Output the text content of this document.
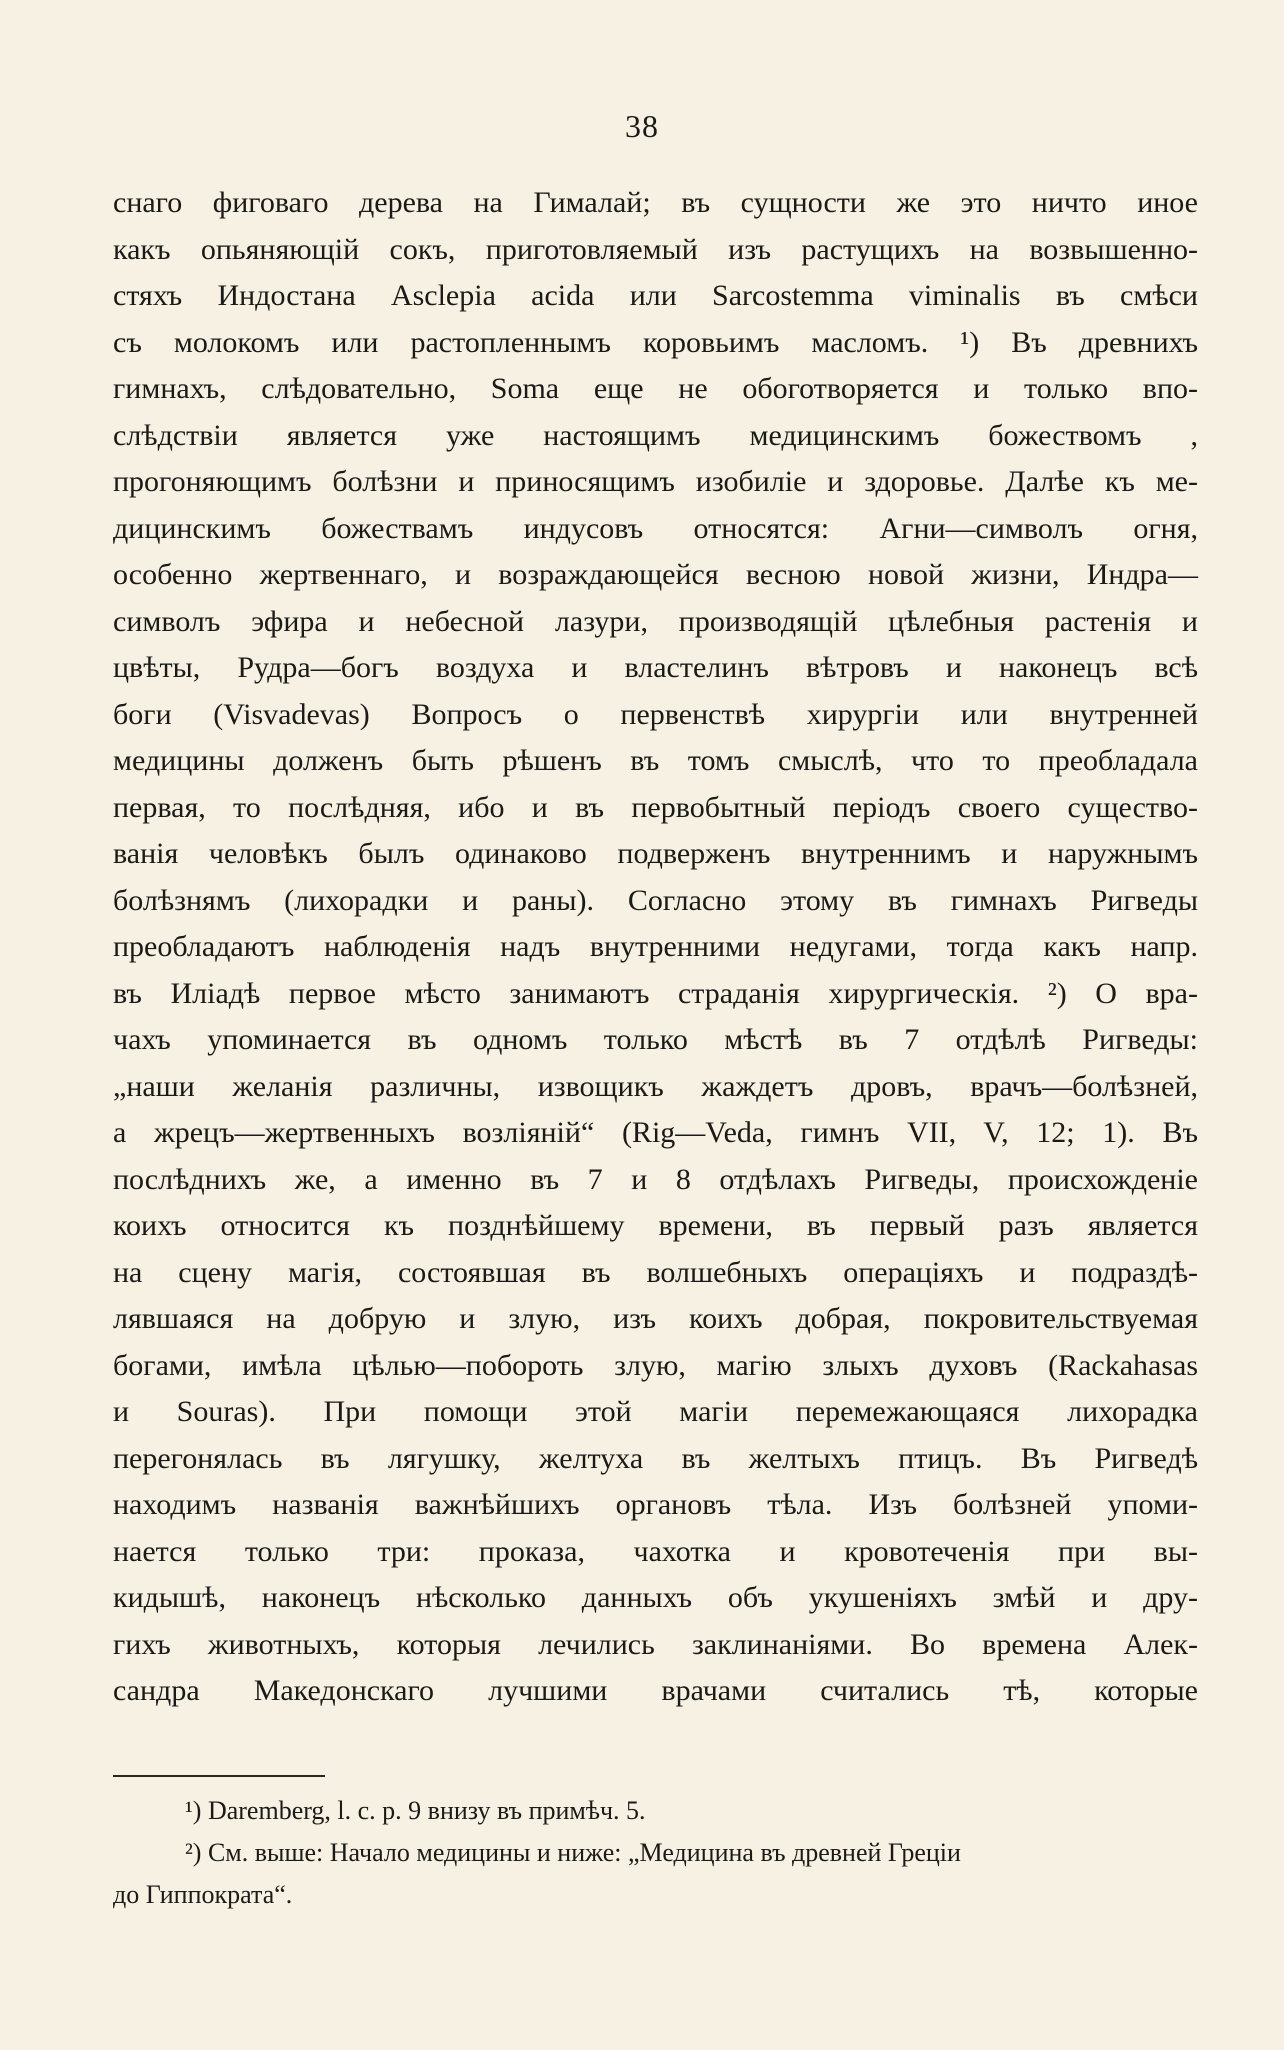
38
снаго фиговаго дерева на Гималай; въ сущности же это ничто иное
какъ опьяняющій сокъ, приготовляемый изъ растущихъ на возвышенно-
стяхъ Индостана Asclepia acida или Sarcostemma viminalis въ смѣси
съ молокомъ или растопленнымъ коровьимъ масломъ. ¹) Въ древнихъ
гимнахъ, слѣдовательно, Soma еще не обоготворяется и только впо-
слѣдствіи является уже настоящимъ медицинскимъ божествомъ ,
прогоняющимъ болѣзни и приносящимъ изобиліе и здоровье. Далѣе къ ме-
дицинскимъ божествамъ индусовъ относятся: Агни—символъ огня,
особенно жертвеннаго, и возраждающейся весною новой жизни, Индра—
символъ эфира и небесной лазури, производящій цѣлебныя растенія и
цвѣты, Рудра—богъ воздуха и властелинъ вѣтровъ и наконецъ всѣ
боги (Visvadevas) Вопросъ о первенствѣ хирургіи или внутренней
медицины долженъ быть рѣшенъ въ томъ смыслѣ, что то преобладала
первая, то послѣдняя, ибо и въ первобытный періодъ своего существо-
ванія человѣкъ былъ одинаково подверженъ внутреннимъ и наружнымъ
болѣзнямъ (лихорадки и раны). Согласно этому въ гимнахъ Ригведы
преобладаютъ наблюденія надъ внутренними недугами, тогда какъ напр.
въ Иліадѣ первое мѣсто занимаютъ страданія хирургическія. ²) О вра-
чахъ упоминается въ одномъ только мѣстѣ въ 7 отдѣлѣ Ригведы:
„наши желанія различны, извощикъ жаждетъ дровъ, врачъ—болѣзней,
а жрецъ—жертвенныхъ возліяній“ (Rig—Veda, гимнъ VII, V, 12; 1). Въ
послѣднихъ же, а именно въ 7 и 8 отдѣлахъ Ригведы, происхожденіе
коихъ относится къ позднѣйшему времени, въ первый разъ является
на сцену магія, состоявшая въ волшебныхъ операціяхъ и подраздѣ-
лявшаяся на добрую и злую, изъ коихъ добрая, покровительствуемая
богами, имѣла цѣлью—побороть злую, магію злыхъ духовъ (Rackahasas
и Souras). При помощи этой магіи перемежающаяся лихорадка
перегонялась въ лягушку, желтуха въ желтыхъ птицъ. Въ Ригведѣ
находимъ названія важнѣйшихъ органовъ тѣла. Изъ болѣзней упоми-
нается только три: проказа, чахотка и кровотеченія при вы-
кидышѣ, наконецъ нѣсколько данныхъ объ укушеніяхъ змѣй и дру-
гихъ животныхъ, которыя лечились заклинаніями. Во времена Алек-
сандра Македонскаго лучшими врачами считались тѣ, которые
¹) Daremberg, l. c. p. 9 внизу въ примѣч. 5.
²) См. выше: Начало медицины и ниже: „Медицина въ древней Греціи
до Гиппократа“.
